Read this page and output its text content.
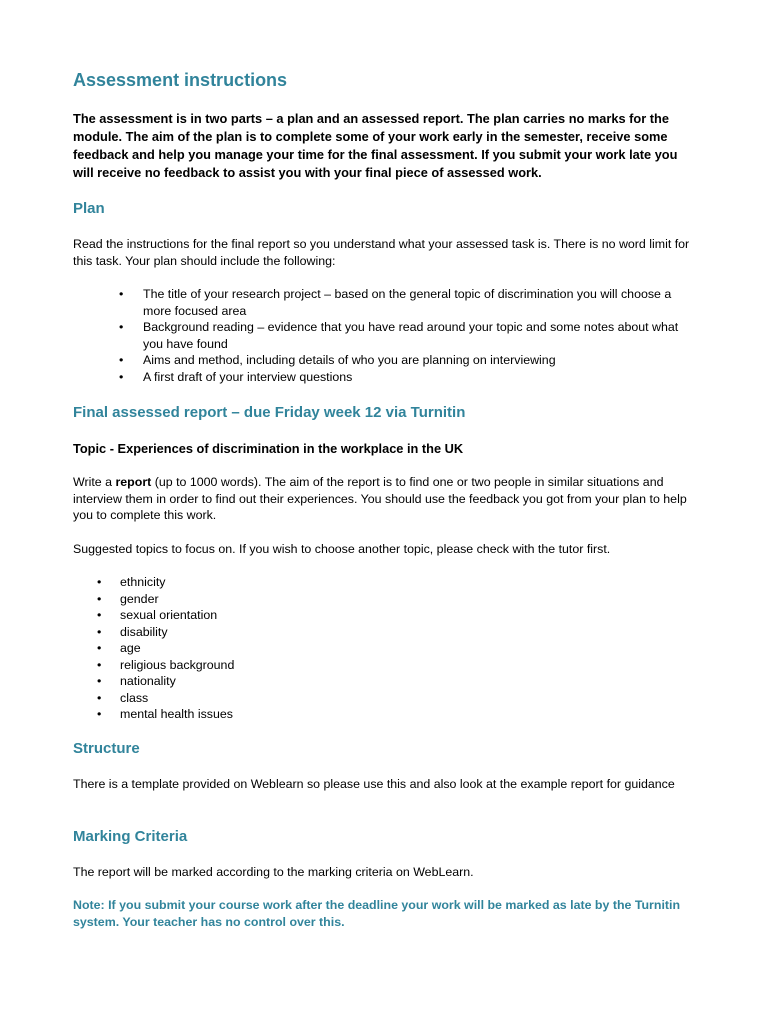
Assessment instructions

The assessment is in two parts – a plan and an assessed report. The plan carries no marks for the module. The aim of the plan is to complete some of your work early in the semester, receive some feedback and help you manage your time for the final assessment. If you submit your work late you will receive no feedback to assist you with your final piece of assessed work.

Plan

Read the instructions for the final report so you understand what your assessed task is. There is no word limit for this task. Your plan should include the following:

• The title of your research project – based on the general topic of discrimination you will choose a more focused area
• Background reading – evidence that you have read around your topic and some notes about what you have found
• Aims and method, including details of who you are planning on interviewing
• A first draft of your interview questions
Final assessed report – due Friday week 12 via Turnitin

Topic - Experiences of discrimination in the workplace in the UK

Write a report (up to 1000 words). The aim of the report is to find one or two people in similar situations and interview them in order to find out their experiences. You should use the feedback you got from your plan to help you to complete this work.

Suggested topics to focus on. If you wish to choose another topic, please check with the tutor first.

• ethnicity
• gender
• sexual orientation
• disability
• age
• religious background
• nationality
• class
• mental health issues
Structure

There is a template provided on Weblearn so please use this and also look at the example report for guidance

Marking Criteria

The report will be marked according to the marking criteria on WebLearn.

Note: If you submit your course work after the deadline your work will be marked as late by the Turnitin system. Your teacher has no control over this.
